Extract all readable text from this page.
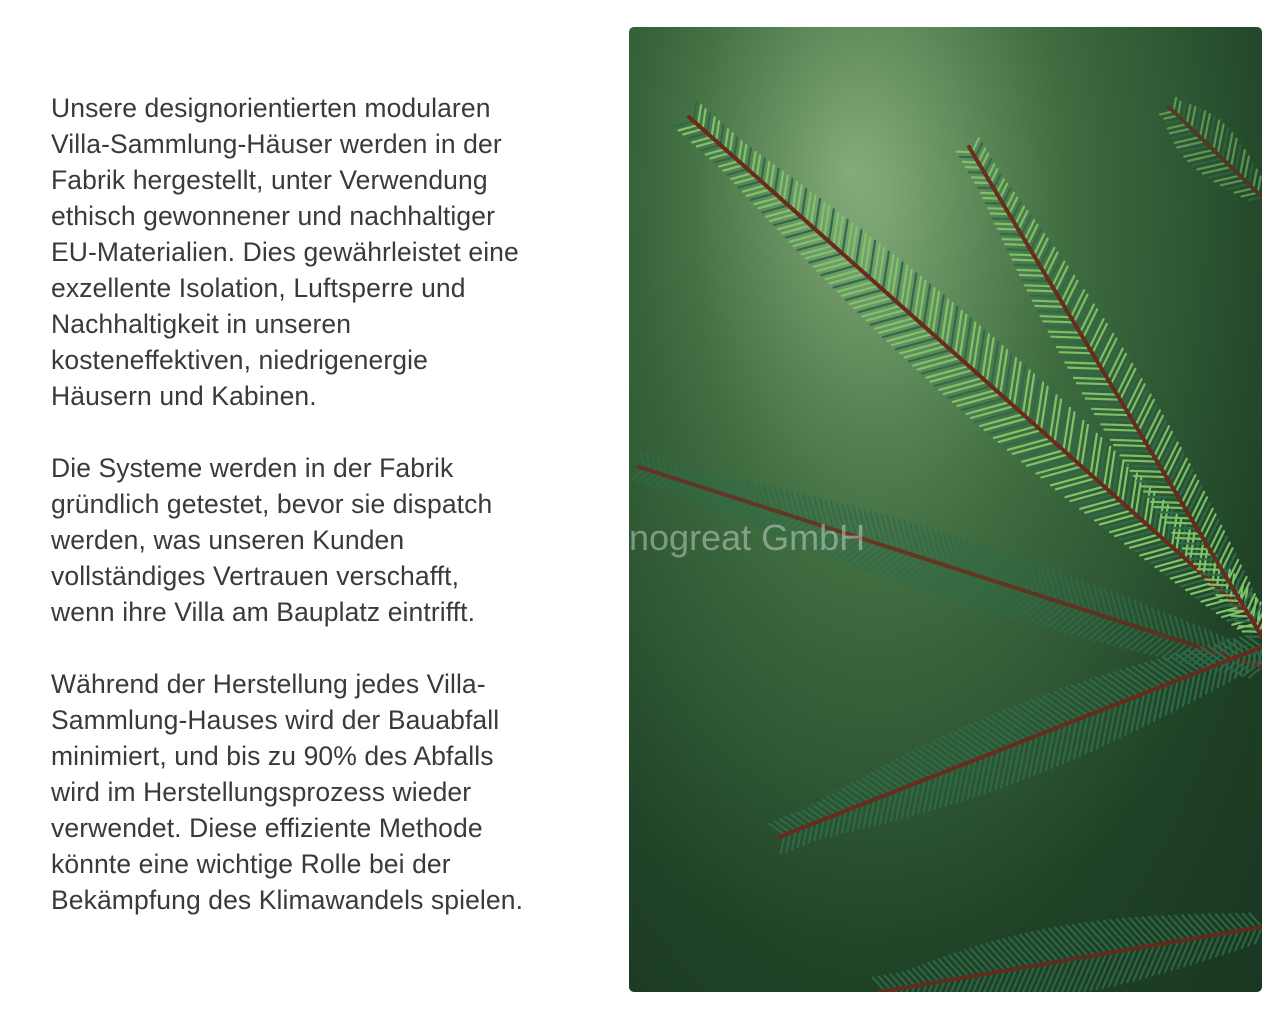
Unsere designorientierten modularen
Villa-Sammlung-Häuser werden in der
Fabrik hergestellt, unter Verwendung
ethisch gewonnener und nachhaltiger
EU-Materialien. Dies gewährleistet eine
exzellente Isolation, Luftsperre und
Nachhaltigkeit in unseren
kosteneffektiven, niedrigenergie
Häusern und Kabinen.

Die Systeme werden in der Fabrik
gründlich getestet, bevor sie dispatch
werden, was unseren Kunden
vollständiges Vertrauen verschafft,
wenn ihre Villa am Bauplatz eintrifft.

Während der Herstellung jedes Villa-
Sammlung-Hauses wird der Bauabfall
minimiert, und bis zu 90% des Abfalls
wird im Herstellungsprozess wieder
verwendet. Diese effiziente Methode
könnte eine wichtige Rolle bei der
Bekämpfung des Klimawandels spielen.

nogreat GmbH
